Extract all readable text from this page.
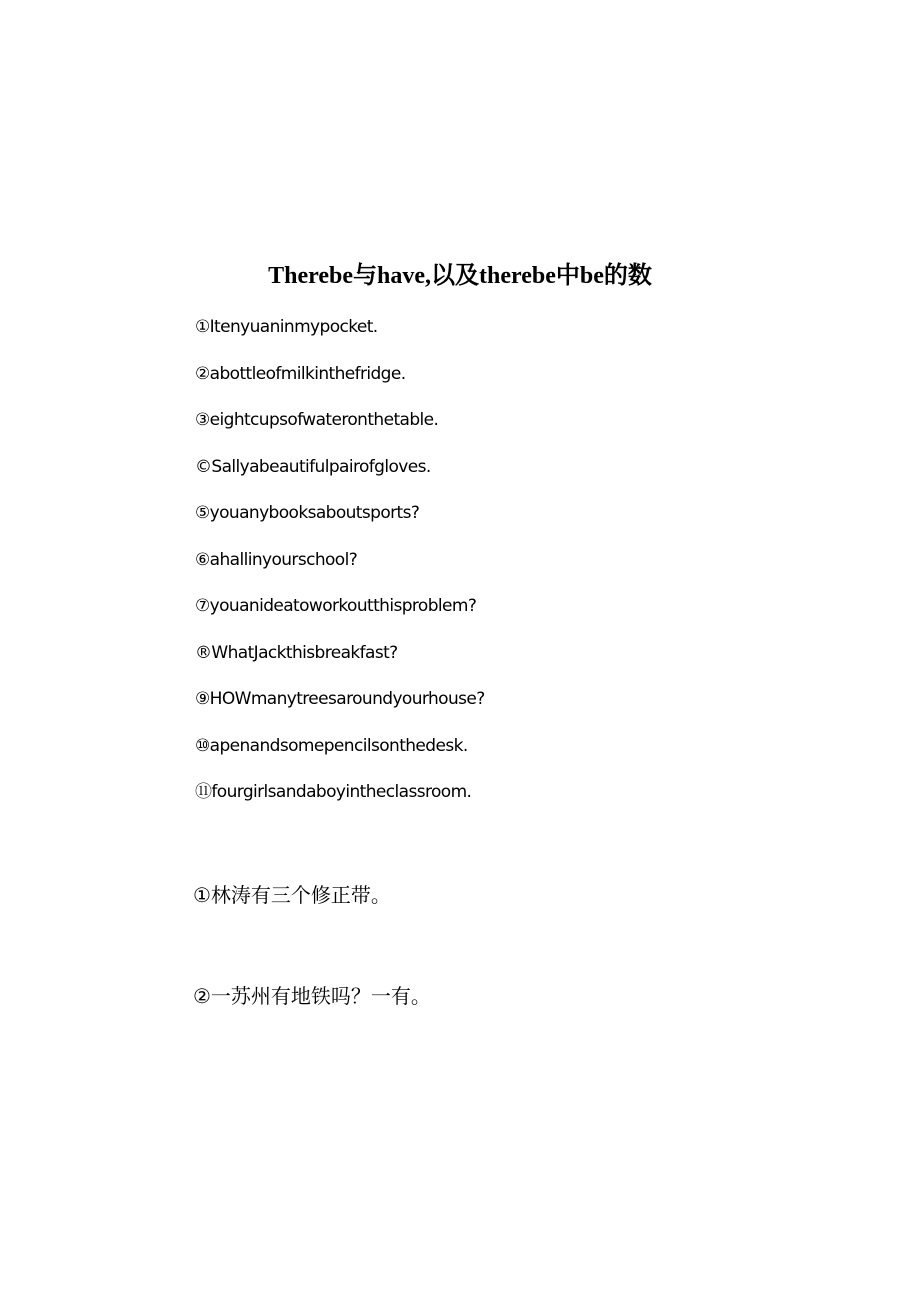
Therebe与have,以及therebe中be的数
①Itenyuaninmypocket.
②abottleofmilkinthefridge.
③eightcupsofwateronthetable.
©Sallyabeautifulpairofgloves.
⑤youanybooksaboutsports?
⑥ahallinyourschool?
⑦youanideatoworkoutthisproblem?
®WhatJackthisbreakfast?
⑨HOWmanytreesaroundyourhouse?
⑩apenandsomepencilsonthedesk.
⑪fourgirlsandaboyintheclassroom.
①林涛有三个修正带。
②一苏州有地铁吗？一有。
